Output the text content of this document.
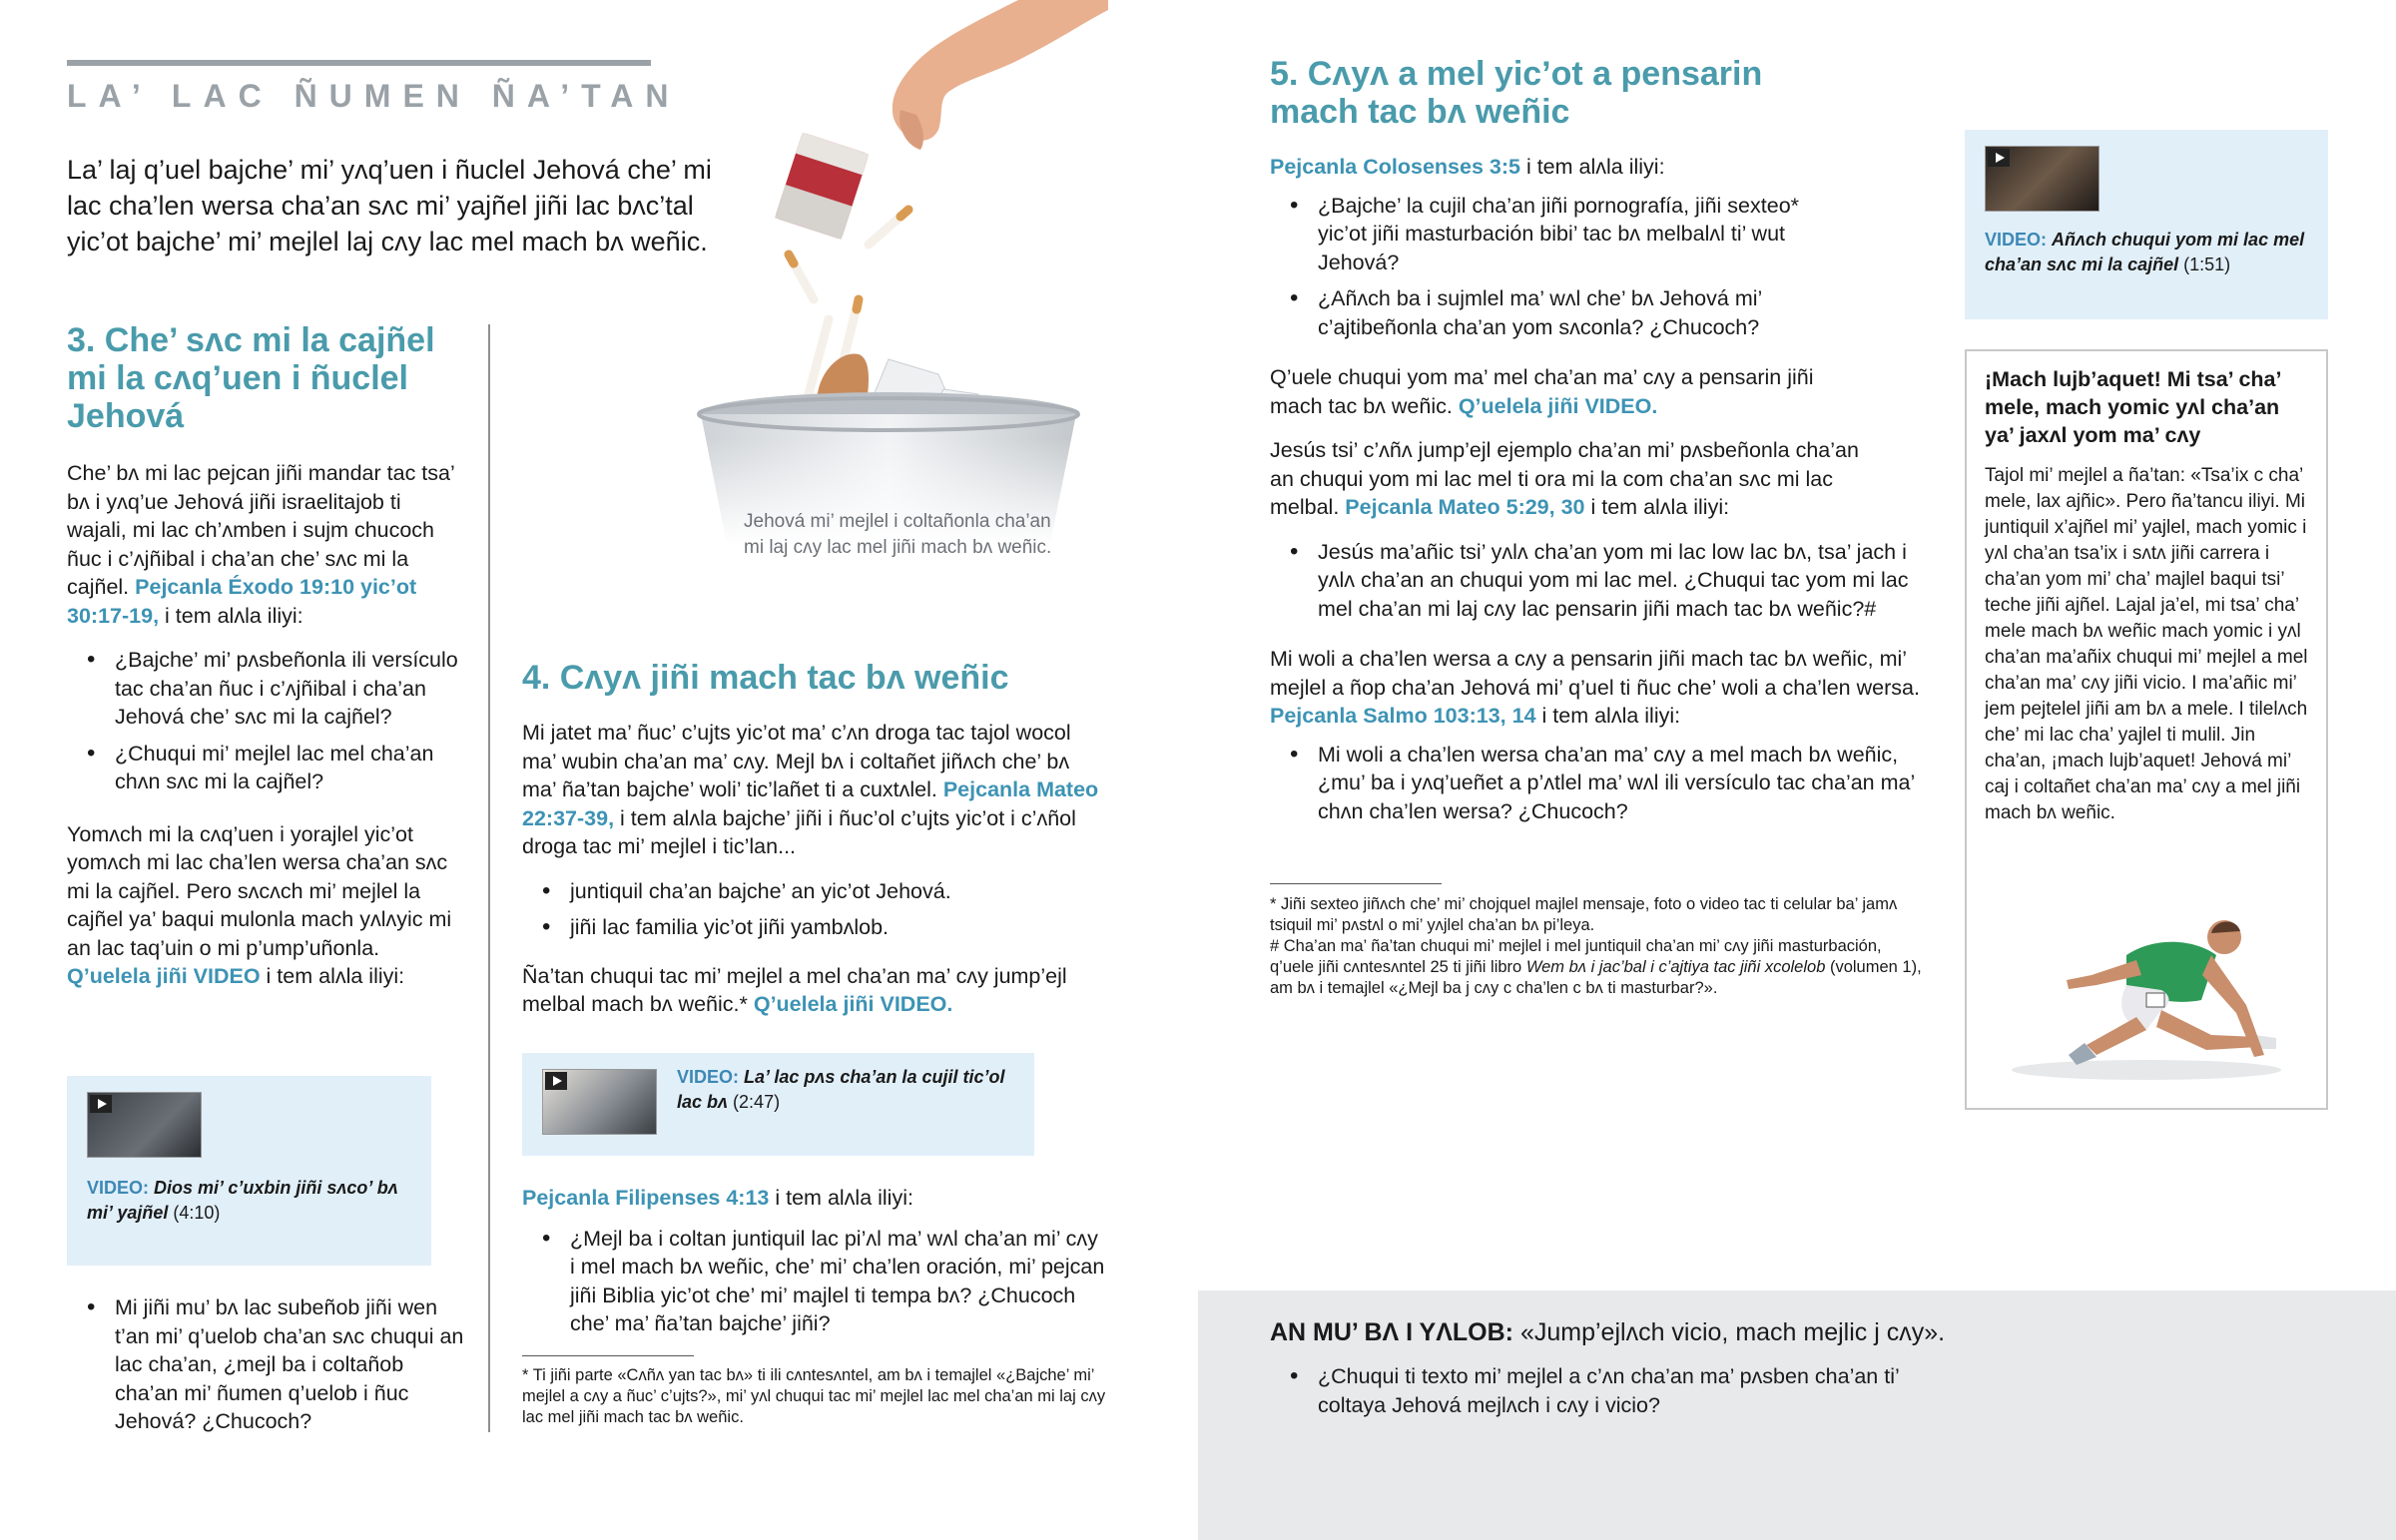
LA’ LAC ÑUMEN ÑA’TAN
La’ laj q’uel bajche’ mi’ yʌq’uen i ñuclel Jehová che’ mi lac cha’len wersa cha’an sʌc mi’ yajñel jiñi lac bʌc’tal yic’ot bajche’ mi’ mejlel laj cʌy lac mel mach bʌ weñic.
Jehová mi’ mejlel i coltañonla cha’an
mi laj cʌy lac mel jiñi mach bʌ weñic.
3. Che’ sʌc mi la cajñel mi la cʌq’uen i ñuclel Jehová

Che’ bʌ mi lac pejcan jiñi mandar tac tsa’ bʌ i yʌq’ue Jehová jiñi israelitajob ti wajali, mi lac ch’ʌmben i sujm chucoch ñuc i c’ʌjñibal i cha’an che’ sʌc mi la cajñel. Pejcanla Éxodo 19:10 yic’ot 30:17-19, i tem alʌla iliyi:

• ¿Bajche’ mi’ pʌsbeñonla ili versículo tac cha’an ñuc i c’ʌjñibal i cha’an Jehová che’ sʌc mi la cajñel?
• ¿Chuqui mi’ mejlel lac mel cha’an chʌn sʌc mi la cajñel?

Yomʌch mi la cʌq’uen i yorajlel yic’ot yomʌch mi lac cha’len wersa cha’an sʌc mi la cajñel. Pero sʌcʌch mi’ mejlel la cajñel ya’ baqui mulonla mach yʌlʌyic mi an lac taq’uin o mi p’ump’uñonla. Q’uelela jiñi VIDEO i tem alʌla iliyi:

VIDEO: Dios mi’ c’uxbin jiñi sʌco’ bʌ mi’ yajñel (4:10)
• Mi jiñi mu’ bʌ lac subeñob jiñi wen t’an mi’ q’uelob cha’an sʌc chuqui an lac cha’an, ¿mejl ba i coltañob cha’an mi’ ñumen q’uelob i ñuc Jehová? ¿Chucoch?
4. Cʌyʌ jiñi mach tac bʌ weñic

Mi jatet ma’ ñuc’ c’ujts yic’ot ma’ c’ʌn droga tac tajol wocol ma’ wubin cha’an ma’ cʌy. Mejl bʌ i coltañet jiñʌch che’ bʌ ma’ ña’tan bajche’ woli’ tic’lañet ti a cuxtʌlel. Pejcanla Mateo 22:37-39, i tem alʌla bajche’ jiñi i ñuc’ol c’ujts yic’ot i c’ʌñol droga tac mi’ mejlel i tic’lan...

• juntiquil cha’an bajche’ an yic’ot Jehová.
• jiñi lac familia yic’ot jiñi yambʌlob.

Ña’tan chuqui tac mi’ mejlel a mel cha’an ma’ cʌy jump’ejl melbal mach bʌ weñic.* Q’uelela jiñi VIDEO.

VIDEO: La’ lac pʌs cha’an la cujil tic’ol lac bʌ (2:47)

Pejcanla Filipenses 4:13 i tem alʌla iliyi:

• ¿Mejl ba i coltan juntiquil lac pi’ʌl ma’ wʌl cha’an mi’ cʌy i mel mach bʌ weñic, che’ mi’ cha’len oración, mi’ pejcan jiñi Biblia yic’ot che’ mi’ majlel ti tempa bʌ? ¿Chucoch che’ ma’ ña’tan bajche’ jiñi?
* Ti jiñi parte «Cʌñʌ yan tac bʌ» ti ili cʌntesʌntel, am bʌ i temajlel «¿Bajche’ mi’ mejlel a cʌy a ñuc’ c’ujts?», mi’ yʌl chuqui tac mi’ mejlel lac mel cha’an mi laj cʌy lac mel jiñi mach tac bʌ weñic.
5. Cʌyʌ a mel yic’ot a pensarin mach tac bʌ weñic

Pejcanla Colosenses 3:5 i tem alʌla iliyi:

• ¿Bajche’ la cujil cha’an jiñi pornografía, jiñi sexteo* yic’ot jiñi masturbación bibi’ tac bʌ melbalʌl ti’ wut Jehová?
• ¿Añʌch ba i sujmlel ma’ wʌl che’ bʌ Jehová mi’ c’ajtibeñonla cha’an yom sʌconla? ¿Chucoch?

Q’uele chuqui yom ma’ mel cha’an ma’ cʌy a pensarin jiñi mach tac bʌ weñic. Q’uelela jiñi VIDEO.

Jesús tsi’ c’ʌñʌ jump’ejl ejemplo cha’an mi’ pʌsbeñonla cha’an an chuqui yom mi lac mel ti ora mi la com cha’an sʌc mi lac melbal. Pejcanla Mateo 5:29, 30 i tem alʌla iliyi:

• Jesús ma’añic tsi’ yʌlʌ cha’an yom mi lac low lac bʌ, tsa’ jach i yʌlʌ cha’an an chuqui yom mi lac mel. ¿Chuqui tac yom mi lac mel cha’an mi laj cʌy lac pensarin jiñi mach tac bʌ weñic?#

Mi woli a cha’len wersa a cʌy a pensarin jiñi mach tac bʌ weñic, mi’ mejlel a ñop cha’an Jehová mi’ q’uel ti ñuc che’ woli a cha’len wersa. Pejcanla Salmo 103:13, 14 i tem alʌla iliyi:

• Mi woli a cha’len wersa cha’an ma’ cʌy a mel mach bʌ weñic, ¿mu’ ba i yʌq’ueñet a p’ʌtlel ma’ wʌl ili versículo tac cha’an ma’ chʌn cha’len wersa? ¿Chucoch?
* Jiñi sexteo jiñʌch che’ mi’ chojquel majlel mensaje, foto o video tac ti celular ba’ jamʌ tsiquil mi’ pʌstʌl o mi’ yʌjlel cha’an bʌ pi’leya.
# Cha’an ma’ ña’tan chuqui mi’ mejlel i mel juntiquil cha’an mi’ cʌy jiñi masturbación, q’uele jiñi cʌntesʌntel 25 ti jiñi libro Wem bʌ i jac’bal i c’ajtiya tac jiñi xcolelob (volumen 1), am bʌ i temajlel «¿Mejl ba j cʌy c cha’len c bʌ ti masturbar?».
VIDEO: Añʌch chuqui yom mi lac mel cha’an sʌc mi la cajñel (1:51)
¡Mach lujb’aquet! Mi tsa’ cha’ mele, mach yomic yʌl cha’an ya’ jaxʌl yom ma’ cʌy
Tajol mi’ mejlel a ña’tan: «Tsa’ix c cha’ mele, lax ajñic». Pero ña’tancu iliyi. Mi juntiquil x’ajñel mi’ yajlel, mach yomic i yʌl cha’an tsa’ix i sʌtʌ jiñi carrera i cha’an yom mi’ cha’ majlel baqui tsi’ teche jiñi ajñel. Lajal ja’el, mi tsa’ cha’ mele mach bʌ weñic mach yomic i yʌl cha’an ma’añix chuqui mi’ mejlel a mel cha’an ma’ cʌy jiñi vicio. I ma’añic mi’ jem pejtelel jiñi am bʌ a mele. I tilelʌch che’ mi lac cha’ yajlel ti mulil. Jin cha’an, ¡mach lujb’aquet! Jehová mi’ caj i coltañet cha’an ma’ cʌy a mel jiñi mach bʌ weñic.
AN MU’ BɅ I YɅLOB: «Jump’ejlʌch vicio, mach mejlic j cʌy».
• ¿Chuqui ti texto mi’ mejlel a c’ʌn cha’an ma’ pʌsben cha’an ti’ coltaya Jehová mejlʌch i cʌy i vicio?
